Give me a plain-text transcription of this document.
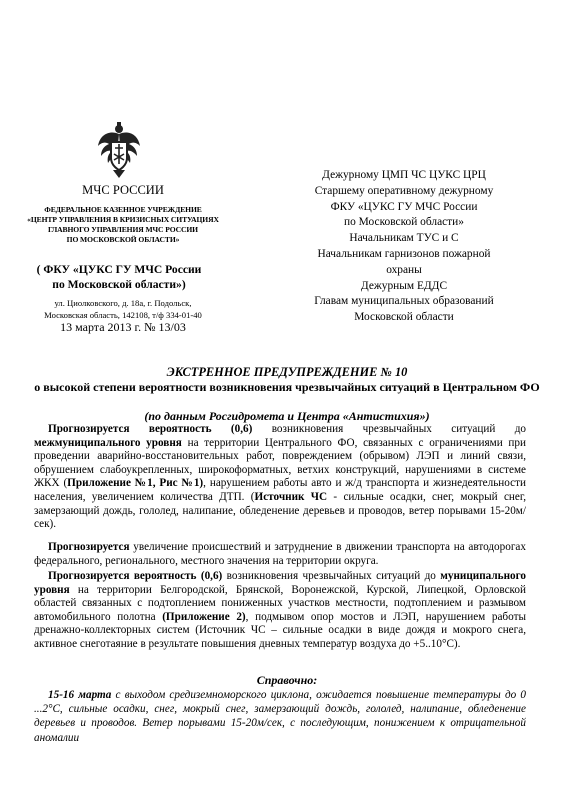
МЧС РОССИИ
ФЕДЕРАЛЬНОЕ КАЗЕННОЕ УЧРЕЖДЕНИЕ
«ЦЕНТР УПРАВЛЕНИЯ В КРИЗИСНЫХ СИТУАЦИЯХ
ГЛАВНОГО УПРАВЛЕНИЯ МЧС РОССИИ
ПО МОСКОВСКОЙ ОБЛАСТИ»
( ФКУ «ЦУКС ГУ МЧС России
по Московской области»)
ул. Циолковского, д. 18а, г. Подольск,
Московская область, 142108, т/ф 334-01-40
13 марта 2013 г. № 13/03
Дежурному ЦМП ЧС ЦУКС ЦРЦ
Старшему оперативному дежурному
ФКУ «ЦУКС ГУ МЧС России
по Московской области»
Начальникам ТУС и С
Начальникам гарнизонов пожарной
охраны
Дежурным ЕДДС
Главам муниципальных образований
Московской области
ЭКСТРЕННОЕ ПРЕДУПРЕЖДЕНИЕ № 10
о высокой степени вероятности возникновения чрезвычайных ситуаций в Центральном ФО
(по данным Росгидромета и Центра «Антистихия»)
Прогнозируется вероятность (0,6) возникновения чрезвычайных ситуаций до межмуниципального уровня на территории Центрального ФО, связанных с ограничениями при проведении аварийно-восстановительных работ, повреждением (обрывом) ЛЭП и линий связи, обрушением слабоукрепленных, широкоформатных, ветхих конструкций, нарушениями в системе ЖКХ (Приложение №1, Рис №1), нарушением работы авто и ж/д транспорта и жизнедеятельности населения, увеличением количества ДТП. (Источник ЧС - сильные осадки, снег, мокрый снег, замерзающий дождь, гололед, налипание, обледенение деревьев и проводов, ветер порывами 15-20м/сек).
Прогнозируется увеличение происшествий и затруднение в движении транспорта на автодорогах федерального, регионального, местного значения на территории округа.
Прогнозируется вероятность (0,6) возникновения чрезвычайных ситуаций до муниципального уровня на территории Белгородской, Брянской, Воронежской, Курской, Липецкой, Орловской областей связанных с подтоплением пониженных участков местности, подтоплением и размывом автомобильного полотна (Приложение 2), подмывом опор мостов и ЛЭП, нарушением работы дренажно-коллекторных систем (Источник ЧС – сильные осадки в виде дождя и мокрого снега, активное снеготаяние в результате повышения дневных температур воздуха до +5..10°С).
Справочно:
15-16 марта с выходом средиземноморского циклона, ожидается повышение температуры до 0 ...2°С, сильные осадки, снег, мокрый снег, замерзающий дождь, гололед, налипание, обледенение деревьев и проводов. Ветер порывами 15-20м/сек, с последующим, понижением к отрицательной аномалии
